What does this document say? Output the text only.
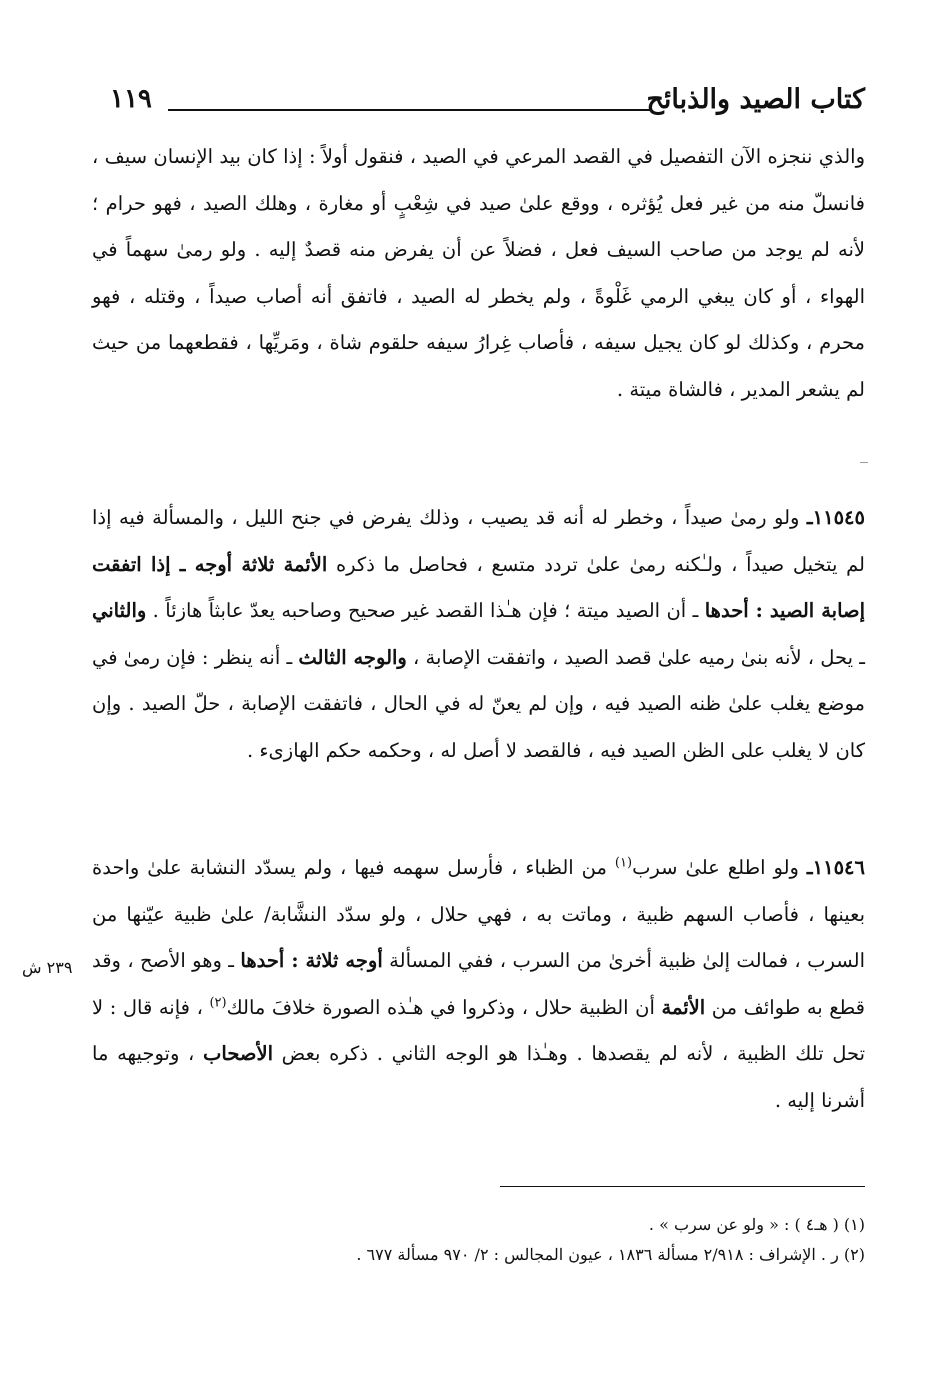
كتاب الصيد والذبائح
١١٩

والذي ننجزه الآن التفصيل في القصد المرعي في الصيد ، فنقول أولاً : إذا كان بيد الإنسان سيف ، فانسلّ منه من غير فعل يُؤثره ، ووقع علىٰ صيد في شِعْبٍ أو مغارة ، وهلك الصيد ، فهو حرام ؛ لأنه لم يوجد من صاحب السيف فعل ، فضلاً عن أن يفرض منه قصدٌ إليه . ولو رمىٰ سهماً في الهواء ، أو كان يبغي الرمي غَلْوةً ، ولم يخطر له الصيد ، فاتفق أنه أصاب صيداً ، وقتله ، فهو محرم ، وكذلك لو كان يجيل سيفه ، فأصاب غِرارُ سيفه حلقوم شاة ، ومَريِّها ، فقطعهما من حيث لم يشعر المدير ، فالشاة ميتة .

١١٥٤٥ـ ولو رمىٰ صيداً ، وخطر له أنه قد يصيب ، وذلك يفرض في جنح الليل ، والمسألة فيه إذا لم يتخيل صيداً ، ولـٰكنه رمىٰ علىٰ تردد متسع ، فحاصل ما ذكره الأئمة ثلاثة أوجه ـ إذا اتفقت إصابة الصيد : أحدها ـ أن الصيد ميتة ؛ فإن هـٰذا القصد غير صحيح وصاحبه يعدّ عابثاً هازئاً . والثاني ـ يحل ، لأنه بنىٰ رميه علىٰ قصد الصيد ، واتفقت الإصابة ، والوجه الثالث ـ أنه ينظر : فإن رمىٰ في موضع يغلب علىٰ ظنه الصيد فيه ، وإن لم يعنّ له في الحال ، فاتفقت الإصابة ، حلّ الصيد . وإن كان لا يغلب على الظن الصيد فيه ، فالقصد لا أصل له ، وحكمه حكم الهازىء .

١١٥٤٦ـ ولو اطلع علىٰ سرب$^{(١)}$ من الظباء ، فأرسل سهمه فيها ، ولم يسدّد النشابة علىٰ واحدة بعينها ، فأصاب السهم ظبية ، وماتت به ، فهي حلال ، ولو سدّد النشَّابة/ علىٰ ظبية عيّنها من السرب ، فمالت إلىٰ ظبية أخرىٰ من السرب ، ففي المسألة أوجه ثلاثة : أحدها ـ وهو الأصح ، وقد قطع به طوائف من الأئمة أن الظبية حلال ، وذكروا في هـٰذه الصورة خلافَ مالك$^{(٢)}$ ، فإنه قال : لا تحل تلك الظبية ، لأنه لم يقصدها . وهـٰذا هو الوجه الثاني . ذكره بعض الأصحاب ، وتوجيهه ما أشرنا إليه .

٢٣٩ ش

(١) ( هـ٤ ) : « ولو عن سرب » .

(٢) ر . الإشراف : ٢/٩١٨ مسألة ١٨٣٦ ، عيون المجالس : ٢/ ٩٧٠ مسألة ٦٧٧ .
